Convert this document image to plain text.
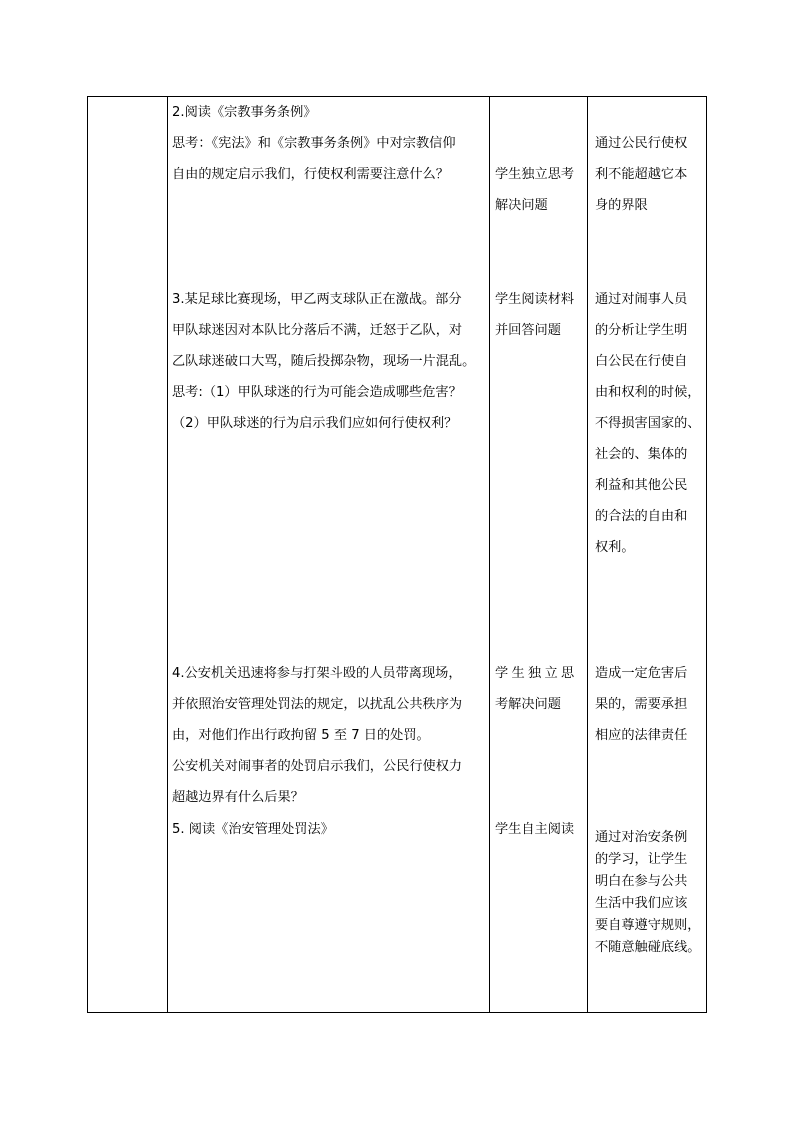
2.阅读《宗教事务条例》
思考：《宪法》和《宗教事务条例》中对宗教信仰
自由的规定启示我们，行使权利需要注意什么？	学生独立思考
解决问题
通过公民行使权
利不能超越它本
身的界限
3.某足球比赛现场，甲乙两支球队正在激战。部分
甲队球迷因对本队比分落后不满，迁怒于乙队，对
乙队球迷破口大骂，随后投掷杂物，现场一片混乱。
思考:（1）甲队球迷的行为可能会造成哪些危害？
（2）甲队球迷的行为启示我们应如何行使权利？
学生阅读材料
并回答问题
通过对闹事人员
的分析让学生明
白公民在行使自
由和权利的时候，
不得损害国家的、
社会的、集体的
利益和其他公民
的合法的自由和
权利。
4.公安机关迅速将参与打架斗殴的人员带离现场，
并依照治安管理处罚法的规定，以扰乱公共秩序为
由，对他们作出行政拘留 5 至 7 日的处罚。
公安机关对闹事者的处罚启示我们，公民行使权力
超越边界有什么后果？
学生独立思
考解决问题
造成一定危害后
果的，需要承担
相应的法律责任
5. 阅读《治安管理处罚法》	学生自主阅读
通过对治安条例
的学习，让学生
明白在参与公共
生活中我们应该
要自尊遵守规则，
不随意触碰底线。
